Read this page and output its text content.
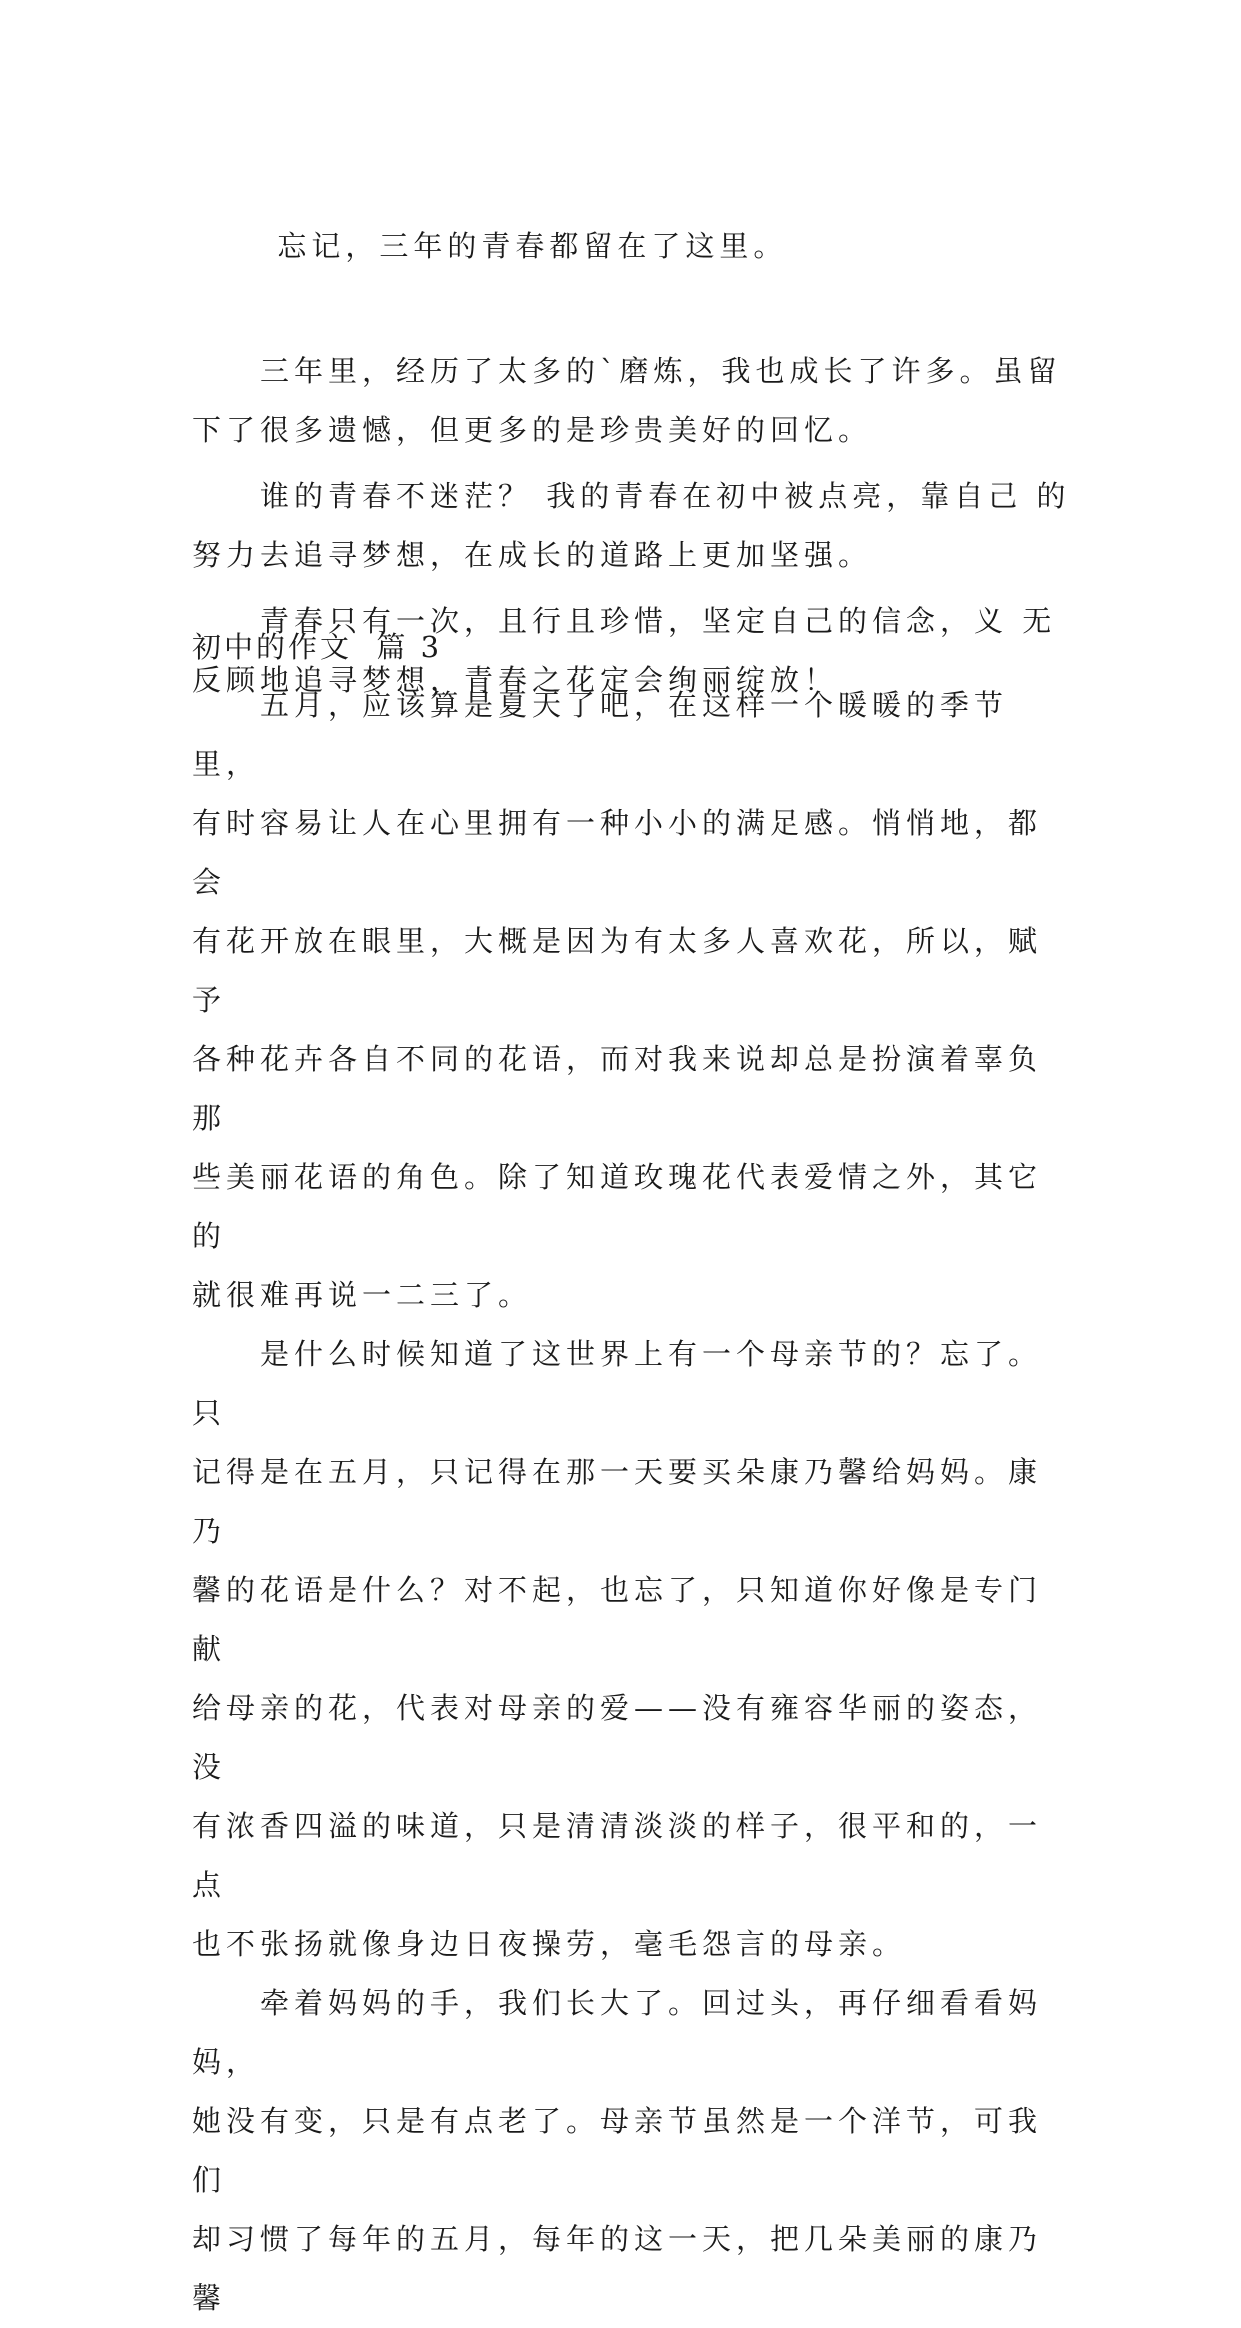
忘记，三年的青春都留在了这里。

三年里，经历了太多的`磨炼，我也成长了许多。虽留
下了很多遗憾，但更多的是珍贵美好的回忆。

谁的青春不迷茫？ 我的青春在初中被点亮，靠自己 的
努力去追寻梦想，在成长的道路上更加坚强。

青春只有一次，且行且珍惜，坚定自己的信念，义 无
反顾地追寻梦想，青春之花定会绚丽绽放！

初中的作文  篇 3

五月，应该算是夏天了吧，在这样一个暖暖的季节里，
有时容易让人在心里拥有一种小小的满足感。悄悄地，都会
有花开放在眼里，大概是因为有太多人喜欢花，所以，赋予
各种花卉各自不同的花语，而对我来说却总是扮演着辜负那
些美丽花语的角色。除了知道玫瑰花代表爱情之外，其它的
就很难再说一二三了。

是什么时候知道了这世界上有一个母亲节的？忘了。只
记得是在五月，只记得在那一天要买朵康乃馨给妈妈。康乃
馨的花语是什么？对不起，也忘了，只知道你好像是专门献
给母亲的花，代表对母亲的爱——没有雍容华丽的姿态，没
有浓香四溢的味道，只是清清淡淡的样子，很平和的，一点
也不张扬就像身边日夜操劳，毫毛怨言的母亲。

牵着妈妈的手，我们长大了。回过头，再仔细看看妈妈，
她没有变，只是有点老了。母亲节虽然是一个洋节，可我们
却习惯了每年的五月，每年的这一天，把几朵美丽的康乃馨
